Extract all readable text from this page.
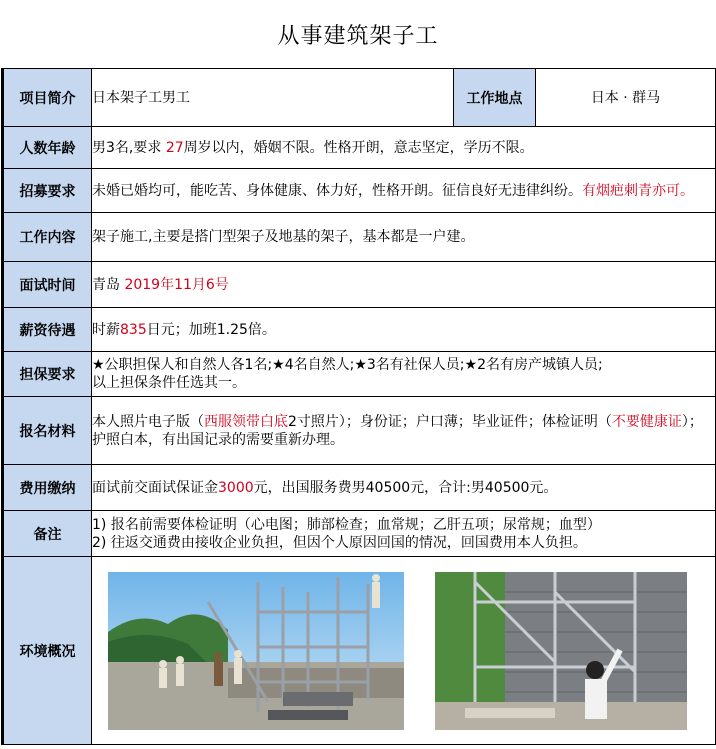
从事建筑架子工
项目简介	日本架子工男工	工作地点	日本 · 群马
人数年龄	男3名,要求 27周岁以内，婚姻不限。性格开朗，意志坚定，学历不限。		
招募要求	未婚已婚均可，能吃苦、身体健康、体力好，性格开朗。征信良好无违律纠纷。有烟疤刺青亦可。		
工作内容	架子施工,主要是搭门型架子及地基的架子，基本都是一户建。		
面试时间	青岛 2019年11月6号		
薪资待遇	时薪835日元；加班1.25倍。		
担保要求	★公职担保人和自然人各1名;★4名自然人;★3名有社保人员;★2名有房产城镇人员;
以上担保条件任选其一。		

报名材料	本人照片电子版（西服领带白底2寸照片）；身份证；户口薄；毕业证件；体检证明（不要健康证）；护照白本，有出国记录的需要重新办理。		
费用缴纳	面试前交面试保证金3000元，出国服务费男40500元，合计:男40500元。		
备注	1) 报名前需要体检证明（心电图；肺部检查；血常规；乙肝五项；尿常规；血型）
2) 往返交通费由接收企业负担，但因个人原因回国的情况，回国费用本人负担。		

环境概况	
